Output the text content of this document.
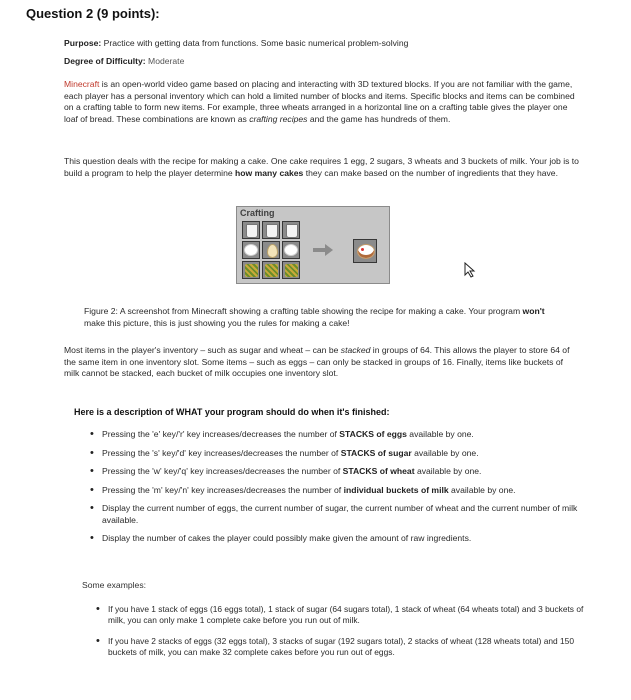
Question 2 (9 points):
Purpose: Practice with getting data from functions. Some basic numerical problem-solving
Degree of Difficulty: Moderate
Minecraft is an open-world video game based on placing and interacting with 3D textured blocks. If you are not familiar with the game, each player has a personal inventory which can hold a limited number of blocks and items. Specific blocks and items can be combined on a crafting table to form new items. For example, three wheats arranged in a horizontal line on a crafting table gives the player one loaf of bread. These combinations are known as crafting recipes and the game has hundreds of them.
This question deals with the recipe for making a cake. One cake requires 1 egg, 2 sugars, 3 wheats and 3 buckets of milk. Your job is to build a program to help the player determine how many cakes they can make based on the number of ingredients that they have.
Crafting
Figure 2: A screenshot from Minecraft showing a crafting table showing the recipe for making a cake. Your program won't make this picture, this is just showing you the rules for making a cake!
Most items in the player's inventory – such as sugar and wheat – can be stacked in groups of 64. This allows the player to store 64 of the same item in one inventory slot. Some items – such as eggs – can only be stacked in groups of 16. Finally, items like buckets of milk cannot be stacked, each bucket of milk occupies one inventory slot.
Here is a description of WHAT your program should do when it's finished:
• Pressing the 'e' key/'r' key increases/decreases the number of STACKS of eggs available by one.
• Pressing the 's' key/'d' key increases/decreases the number of STACKS of sugar available by one.
• Pressing the 'w' key/'q' key increases/decreases the number of STACKS of wheat available by one.
• Pressing the 'm' key/'n' key increases/decreases the number of individual buckets of milk available by one.
• Display the current number of eggs, the current number of sugar, the current number of wheat and the current number of milk available.
• Display the number of cakes the player could possibly make given the amount of raw ingredients.
Some examples:
• If you have 1 stack of eggs (16 eggs total), 1 stack of sugar (64 sugars total), 1 stack of wheat (64 wheats total) and 3 buckets of milk, you can only make 1 complete cake before you run out of milk.
• If you have 2 stacks of eggs (32 eggs total), 3 stacks of sugar (192 sugars total), 2 stacks of wheat (128 wheats total) and 150 buckets of milk, you can make 32 complete cakes before you run out of eggs.
